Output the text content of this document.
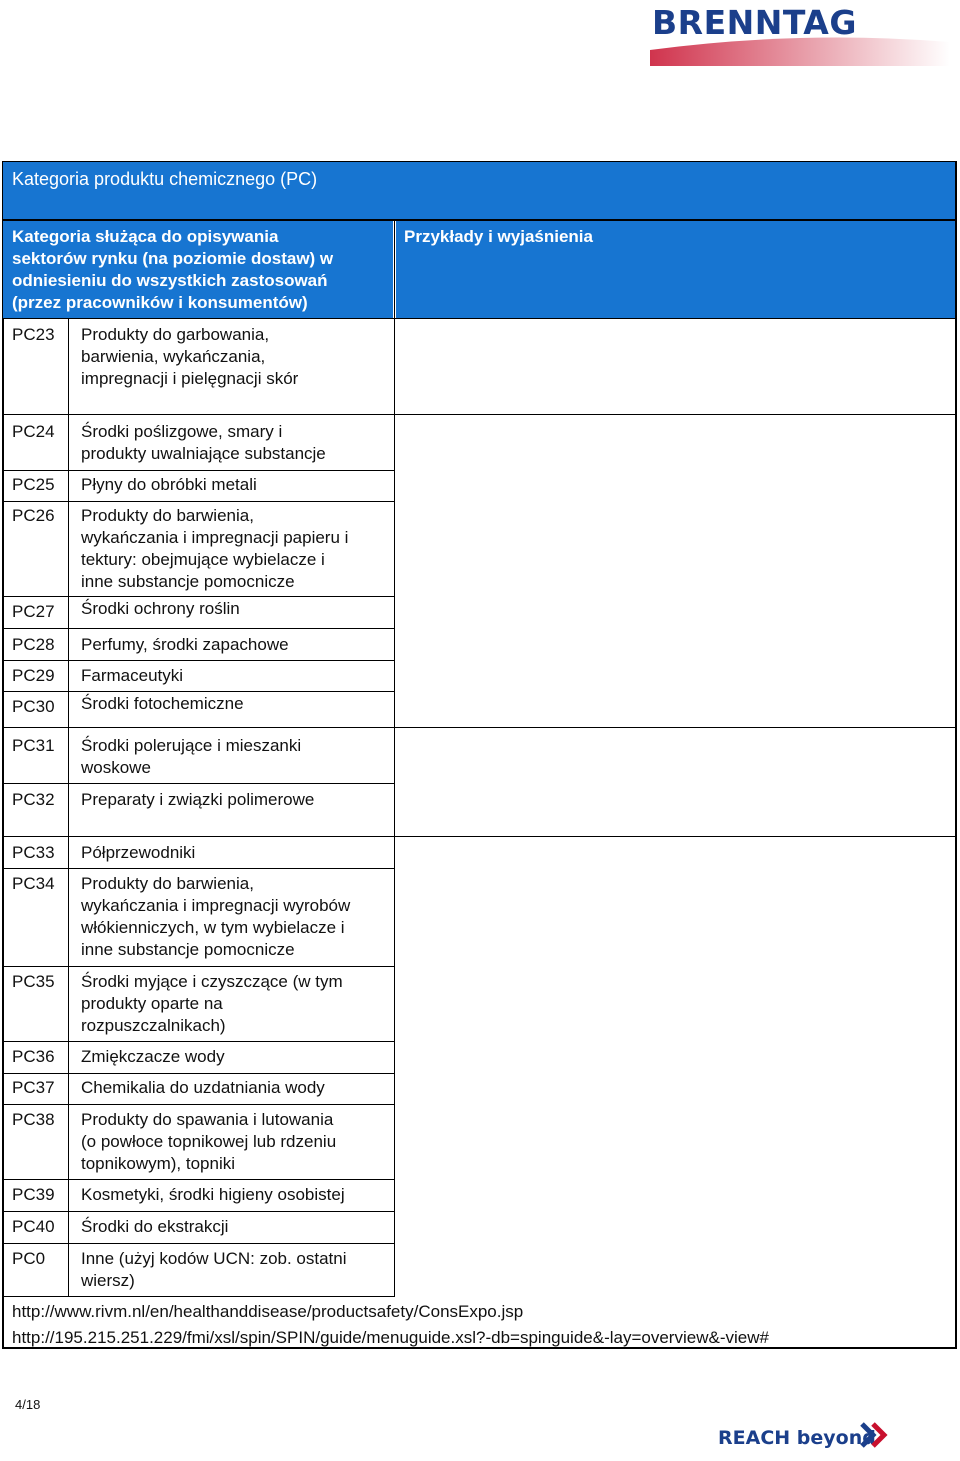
BRENNTAG
Kategoria produktu chemicznego (PC)
Kategoria służąca do opisywania
sektorów rynku (na poziomie dostaw) w
odniesieniu do wszystkich zastosowań
(przez pracowników i konsumentów)
Przykłady i wyjaśnienia
PC23 Produkty do garbowania,
barwienia, wykańczania,
impregnacji i pielęgnacji skór
PC24 Środki poślizgowe, smary i
produkty uwalniające substancje
PC25 Płyny do obróbki metali
PC26 Produkty do barwienia,
wykańczania i impregnacji papieru i
tektury: obejmujące wybielacze i
inne substancje pomocnicze
PC27 Środki ochrony roślin
PC28 Perfumy, środki zapachowe
PC29 Farmaceutyki
PC30 Środki fotochemiczne
PC31 Środki polerujące i mieszanki
woskowe
PC32 Preparaty i związki polimerowe
PC33 Półprzewodniki
PC34 Produkty do barwienia,
wykańczania i impregnacji wyrobów
włókienniczych, w tym wybielacze i
inne substancje pomocnicze
PC35 Środki myjące i czyszczące (w tym
produkty oparte na
rozpuszczalnikach)
PC36 Zmiękczacze wody
PC37 Chemikalia do uzdatniania wody
PC38 Produkty do spawania i lutowania
(o powłoce topnikowej lub rdzeniu
topnikowym), topniki
PC39 Kosmetyki, środki higieny osobistej
PC40 Środki do ekstrakcji
PC0 Inne (użyj kodów UCN: zob. ostatni
wiersz)
http://www.rivm.nl/en/healthanddisease/productsafety/ConsExpo.jsp
http://195.215.251.229/fmi/xsl/spin/SPIN/guide/menuguide.xsl?-db=spinguide&-lay=overview&-view#
4/18
REACH beyond
